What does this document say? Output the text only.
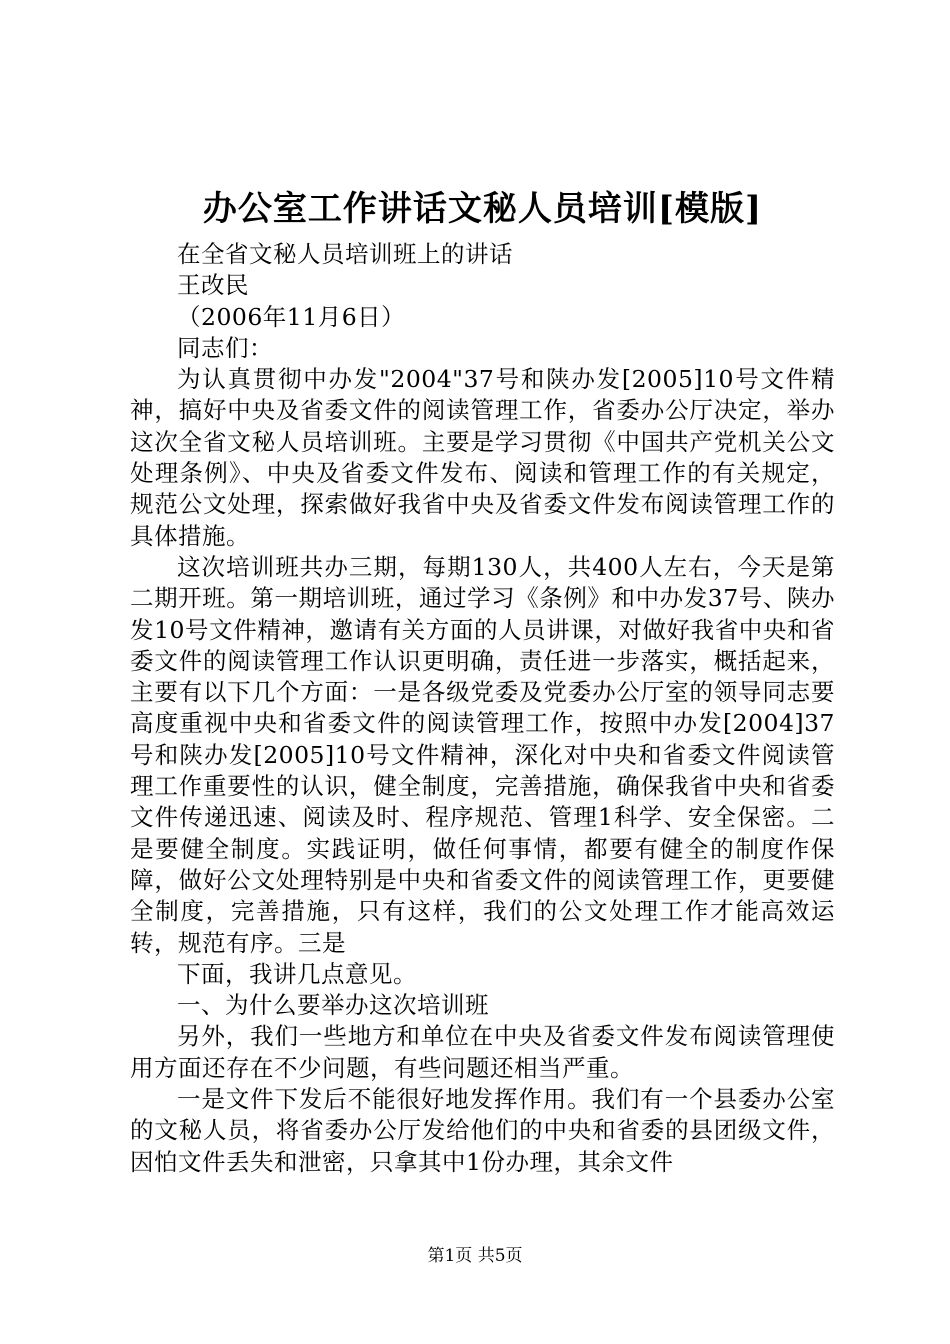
办公室工作讲话文秘人员培训[模版]
在全省文秘人员培训班上的讲话
王改民
（2006年11月6日）
同志们：

为认真贯彻中办发"2004"37号和陕办发[2005]10号文件精神，搞好中央及省委文件的阅读管理工作，省委办公厅决定，举办这次全省文秘人员培训班。主要是学习贯彻《中国共产党机关公文处理条例》、中央及省委文件发布、阅读和管理工作的有关规定，规范公文处理，探索做好我省中央及省委文件发布阅读管理工作的具体措施。

这次培训班共办三期，每期130人，共400人左右，今天是第二期开班。第一期培训班，通过学习《条例》和中办发37号、陕办发10号文件精神，邀请有关方面的人员讲课，对做好我省中央和省委文件的阅读管理工作认识更明确，责任进一步落实，概括起来，主要有以下几个方面：一是各级党委及党委办公厅室的领导同志要高度重视中央和省委文件的阅读管理工作，按照中办发[2004]37号和陕办发[2005]10号文件精神，深化对中央和省委文件阅读管理工作重要性的认识，健全制度，完善措施，确保我省中央和省委文件传递迅速、阅读及时、程序规范、管理1科学、安全保密。二是要健全制度。实践证明，做任何事情，都要有健全的制度作保障，做好公文处理特别是中央和省委文件的阅读管理工作，更要健全制度，完善措施，只有这样，我们的公文处理工作才能高效运转，规范有序。三是

下面，我讲几点意见。

一、为什么要举办这次培训班

另外，我们一些地方和单位在中央及省委文件发布阅读管理使用方面还存在不少问题，有些问题还相当严重。

一是文件下发后不能很好地发挥作用。我们有一个县委办公室的文秘人员，将省委办公厅发给他们的中央和省委的县团级文件，因怕文件丢失和泄密，只拿其中1份办理，其余文件

第1页 共5页
